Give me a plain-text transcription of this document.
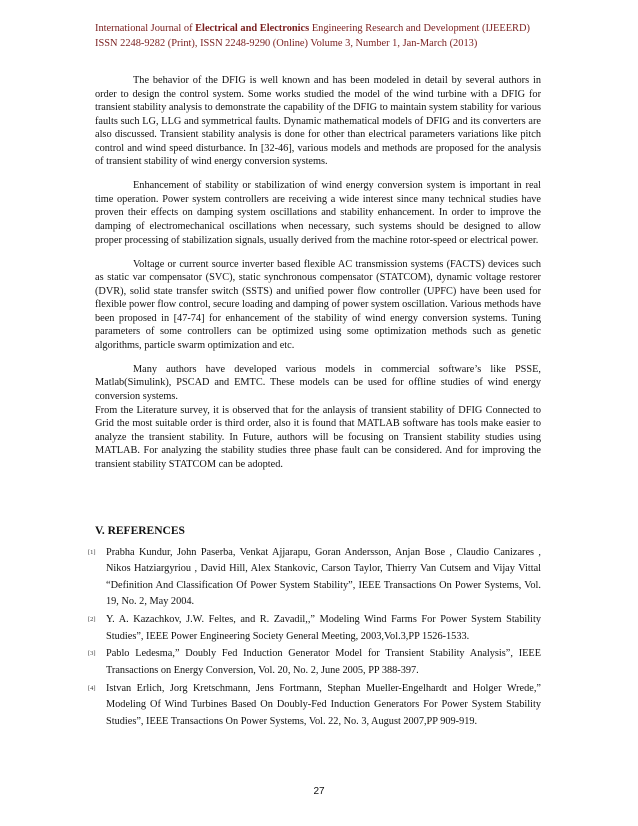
International Journal of Electrical and Electronics Engineering Research and Development (IJEEERD)
ISSN 2248-9282 (Print), ISSN 2248-9290 (Online) Volume 3, Number 1, Jan-March (2013)

The behavior of the DFIG is well known and has been modeled in detail by several authors in order to design the control system. Some works studied the model of the wind turbine with a DFIG for transient stability analysis to demonstrate the capability of the DFIG to maintain system stability for various faults such LG, LLG and symmetrical faults. Dynamic mathematical models of DFIG and its converters are also discussed. Transient stability analysis is done for other than electrical parameters variations like pitch control and wind speed disturbance. In [32-46], various models and methods are proposed for the analysis of transient stability of wind energy conversion systems.

Enhancement of stability or stabilization of wind energy conversion system is important in real time operation. Power system controllers are receiving a wide interest since many technical studies have proven their effects on damping system oscillations and stability enhancement. In order to improve the damping of electromechanical oscillations when necessary, such systems should be designed to allow proper processing of stabilization signals, usually derived from the machine rotor-speed or electrical power.

Voltage or current source inverter based flexible AC transmission systems (FACTS) devices such as static var compensator (SVC), static synchronous compensator (STATCOM), dynamic voltage restorer (DVR), solid state transfer switch (SSTS) and unified power flow controller (UPFC) have been used for flexible power flow control, secure loading and damping of power system oscillation. Various methods have been proposed in [47-74] for enhancement of the stability of wind energy conversion systems. Tuning parameters of some controllers can be optimized using some optimization methods such as genetic algorithms, particle swarm optimization and etc.

Many authors have developed various models in commercial software’s like PSSE, Matlab(Simulink), PSCAD and EMTC. These models can be used for offline studies of wind energy conversion systems.

From the Literature survey, it is observed that for the anlaysis of transient stability of DFIG Connected to Grid the most suitable order is third order, also it is found that MATLAB software has tools make easier to analyze the transient stability. In Future, authors will be focusing on Transient stability studies using MATLAB. For analyzing the stability studies three phase fault can be considered. And for improving the transient stability STATCOM can be adopted.

V. REFERENCES
[1] Prabha Kundur, John Paserba, Venkat Ajjarapu, Goran Andersson, Anjan Bose , Claudio Canizares , Nikos Hatziargyriou , David Hill, Alex Stankovic, Carson Taylor, Thierry Van Cutsem and Vijay Vittal “Definition And Classification Of Power System Stability”, IEEE Transactions On Power Systems, Vol. 19, No. 2, May 2004.
[2] Y. A. Kazachkov, J.W. Feltes, and R. Zavadil,,” Modeling Wind Farms For Power System Stability Studies”, IEEE Power Engineering Society General Meeting, 2003,Vol.3,PP 1526-1533.
[3] Pablo Ledesma,” Doubly Fed Induction Generator Model for Transient Stability Analysis”, IEEE Transactions on Energy Conversion, Vol. 20, No. 2, June 2005, PP 388-397.
[4] Istvan Erlich, Jorg Kretschmann, Jens Fortmann, Stephan Mueller-Engelhardt and Holger Wrede,” Modeling Of Wind Turbines Based On Doubly-Fed Induction Generators For Power System Stability Studies”, IEEE Transactions On Power Systems, Vol. 22, No. 3, August 2007,PP 909-919.
27
